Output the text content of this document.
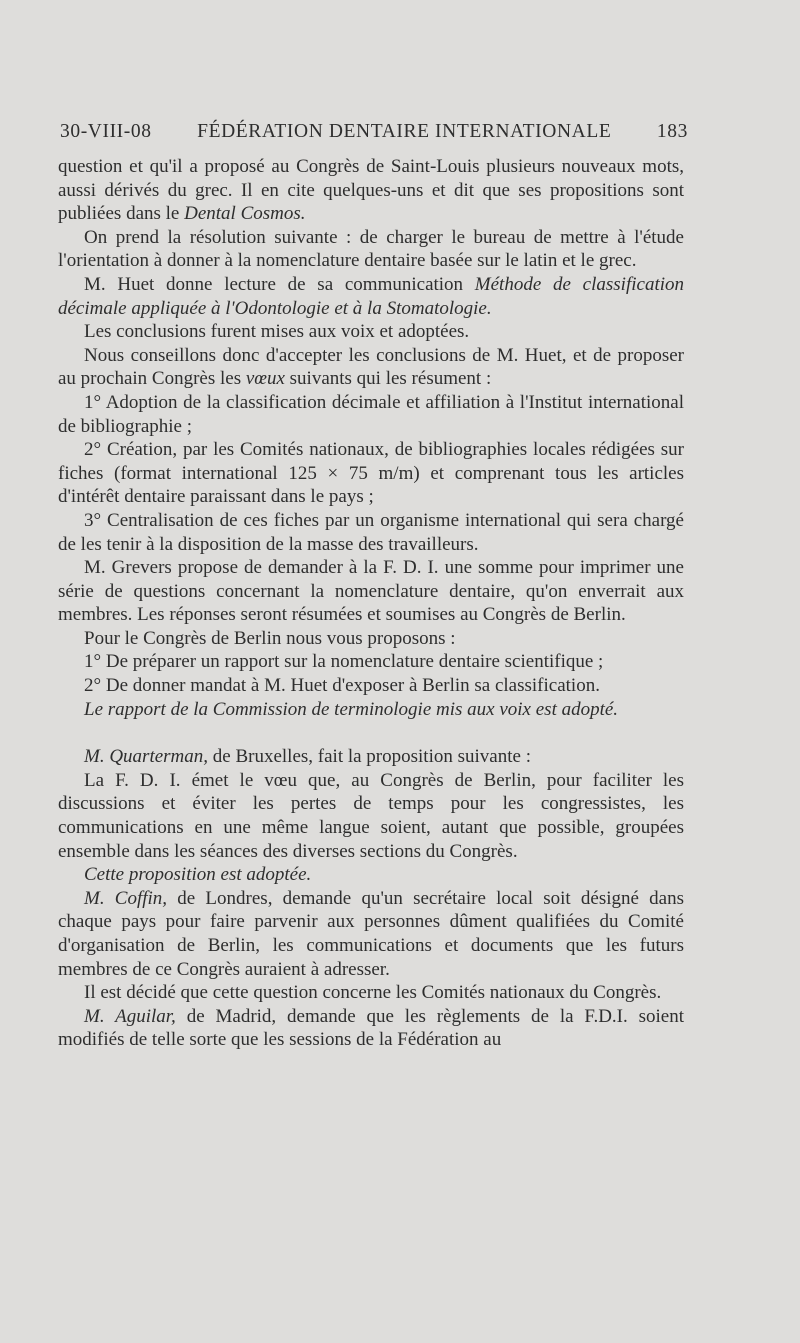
30-VIII-08 FÉDÉRATION DENTAIRE INTERNATIONALE 183

question et qu'il a proposé au Congrès de Saint-Louis plusieurs nouveaux mots, aussi dérivés du grec. Il en cite quelques-uns et dit que ses propositions sont publiées dans le Dental Cosmos.

On prend la résolution suivante : de charger le bureau de mettre à l'étude l'orientation à donner à la nomenclature dentaire basée sur le latin et le grec.

M. Huet donne lecture de sa communication Méthode de classification décimale appliquée à l'Odontologie et à la Stomatologie.

Les conclusions furent mises aux voix et adoptées.

Nous conseillons donc d'accepter les conclusions de M. Huet, et de proposer au prochain Congrès les vœux suivants qui les résument :

1° Adoption de la classification décimale et affiliation à l'Institut international de bibliographie ;

2° Création, par les Comités nationaux, de bibliographies locales rédigées sur fiches (format international 125 × 75 m/m) et comprenant tous les articles d'intérêt dentaire paraissant dans le pays ;

3° Centralisation de ces fiches par un organisme international qui sera chargé de les tenir à la disposition de la masse des travailleurs.

M. Grevers propose de demander à la F. D. I. une somme pour imprimer une série de questions concernant la nomenclature dentaire, qu'on enverrait aux membres. Les réponses seront résumées et soumises au Congrès de Berlin.

Pour le Congrès de Berlin nous vous proposons :

1° De préparer un rapport sur la nomenclature dentaire scientifique ;

2° De donner mandat à M. Huet d'exposer à Berlin sa classification.

Le rapport de la Commission de terminologie mis aux voix est adopté.

M. Quarterman, de Bruxelles, fait la proposition suivante :

La F. D. I. émet le vœu que, au Congrès de Berlin, pour faciliter les discussions et éviter les pertes de temps pour les congressistes, les communications en une même langue soient, autant que possible, groupées ensemble dans les séances des diverses sections du Congrès.

Cette proposition est adoptée.

M. Coffin, de Londres, demande qu'un secrétaire local soit désigné dans chaque pays pour faire parvenir aux personnes dûment qualifiées du Comité d'organisation de Berlin, les communications et documents que les futurs membres de ce Congrès auraient à adresser.

Il est décidé que cette question concerne les Comités nationaux du Congrès.

M. Aguilar, de Madrid, demande que les règlements de la F.D.I. soient modifiés de telle sorte que les sessions de la Fédération au
